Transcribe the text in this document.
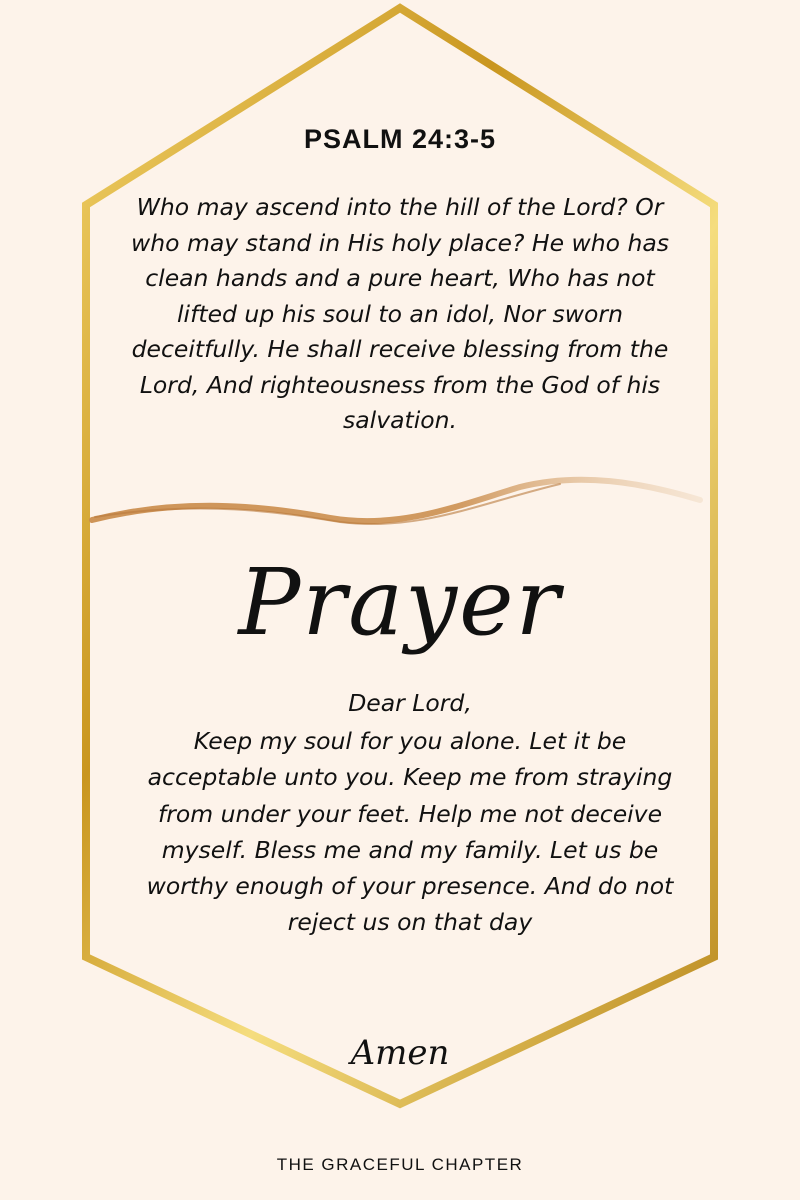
PSALM 24:3-5
Who may ascend into the hill of the Lord? Or who may stand in His holy place? He who has clean hands and a pure heart, Who has not lifted up his soul to an idol, Nor sworn deceitfully. He shall receive blessing from the Lord, And righteousness from the God of his salvation.
Prayer
Dear Lord,
Keep my soul for you alone. Let it be acceptable unto you. Keep me from straying from under your feet. Help me not deceive myself. Bless me and my family. Let us be worthy enough of your presence. And do not reject us on that day
Amen
THE GRACEFUL CHAPTER
